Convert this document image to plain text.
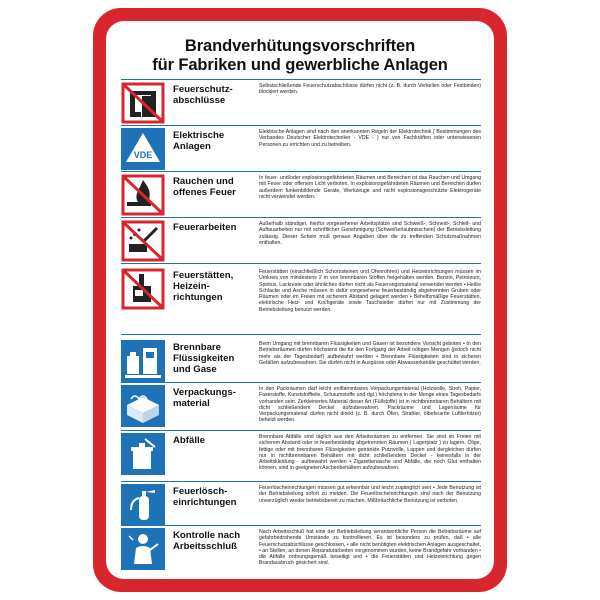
Brandverhütungsvorschriften
für Fabriken und gewerbliche Anlagen
Feuerschutz-
abschlüsse
Selbstschließende Feuerschutzabschlüsse dürfen nicht (z. B. durch Verkeilen oder Festbinden) blockiert werden.
VDE
Elektrische
Anlagen
Elektrische Anlagen sind nach den anerkannten Regeln der Elektrotechnik ( Bestimmungen des Verbandes Deutscher Elektrotechniker - VDE - ) nur von Fachkräften oder unterwiesenen Personen zu errichten und zu betreiben.
Rauchen und
offenes Feuer
In feuer- und/oder explosionsgefährdeten Räumen und Bereichen ist das Rauchen und Umgang mit Feuer oder offenem Licht verboten. In explosionsgefährdeten Räumen und Bereichen dürfen außerdem funkenbildende Geräte, Werkzeuge und nicht explosionsgeschützte Elektrogeräte nicht verwendet werden.
Feuerarbeiten	Außerhalb ständiger, hierfür vorgesehener Arbeitsplätze sind Schweiß-, Schneid-, Schleif- und Auftauarbeiten nur mit schriftlicher Genehmigung (Schweißerlaubnisschein) der Betriebsleitung zulässig. Dieser Schein muß genaue Angaben über die zu treffenden Schutzmaßnahmen enthalten.
Feuerstätten,
Heizein-
richtungen
Feuerstätten (einschließlich Schornsteinen und Ofenrohren) und Heizeinrichtungen müssen im Umkreis von mindestens 2 m von brennbaren Stoffen freigehalten werden. Benzin, Petroleum, Spiritus, Lackreste oder ähnliches dürfen nicht als Feuerungsmaterial verwendet werden • Heiße Schlacke und Asche müssen in dafür vorgesehene feuerbeständig abgetrennten Gruben oder Räumen oder im Freien mit sicherem Abstand gelagert werden • Behelfsmäßige Feuerstätten, elektrische Heiz- und Kochgeräte sowie Tauchsieder dürfen nur mit Zustimmung der Betriebsleitung benutzt werden.
Brennbare
Flüssigkeiten
und Gase
Beim Umgang mit brennbaren Flüssigkeiten und Gasen ist besondere Vorsicht geboten • In den Betriebsräumen dürfen höchstens die für den Fortgang der Arbeit nötigen Mengen (jedoch nicht mehr als der Tagesbedarf) aufbewahrt werden • Brennbare Flüssigkeiten sind in sicheren Gefäßen aufzubewahren. Sie dürfen nicht in Ausgüsse oder Abwasserkanäle geschüttet werden.
Verpackungs-
material
In den Packräumen darf leicht entflammbares Verpackungsmaterial (Holzwolle, Stroh, Papier, Faserstoffe, Kunststoffteile, Schaumstoffe und dgl.) höchstens in der Menge eines Tagesbedarfs vorhanden sein. Zerkleinertes Material dieser Art (Füllstoffe) ist in nichtbrennbaren Behältern mit dicht schließendem Deckel aufzubewahren. Packräume und Lagerräume für Verpackungsmaterial dürfen nicht direkt (z. B. durch Öfen, Strahler, ölbefeuerte Luftlerhitzer) beheizt werden.
Abfälle	Brennbare Abfälle sind täglich aus den Arbeitsräumen zu entfernen. Sie sind im Freien mit sicherem Abstand oder in feuerbeständig abgetrennten Räumen ( Lagerplatz ) zu lagern. Ölige, fettige oder mit brennbaren Flüssigkeiten getränkte Putzwolle, Lappen und dergleichen dürfen nur in nichtbrennbaren Behältern mit dicht schließendem Deckel - keinesfalls in der Arbeitskleidung - aufbewahrt werden • Zigarettenasche und Abfälle, die noch Glut enthalten können, sind in geeigneten Aschenbehältern aufzubewahren.
Feuerlösch-
einrichtungen
Feuerlöscheinrichtungen müssen gut erkennbar und leicht zugänglich sein • Jede Benutzung ist der Betriebsleitung sofort zu melden. Die Feuerlöscheinrichtungen sind nach der Benutzung unverzüglich wieder betriebsbereit zu machen. Mißbräuchliche Benutzung ist verboten.
Kontrolle nach
Arbeitsschluß
Nach Arbeitsschluß hat eine der Betriebsleitung verantwortliche Person die Betriebsräume auf gefahrbedrohende Umstände zu kontrollieren. Es ist besonders zu prüfen, daß • alle Feuerschutzabschlüsse geschlossen, • alle nicht benötigten elektrischen Anlagen ausgeschaltet, • an Stellen, an denen Reparaturarbeiten vorgenommen wurden, keine Brandgefahr vorhanden • die Abfälle ordnungsgemäß beseitigt und • die Feuerstätten und Heizeinrichtung gegen Brandausbruch gesichert sind.
